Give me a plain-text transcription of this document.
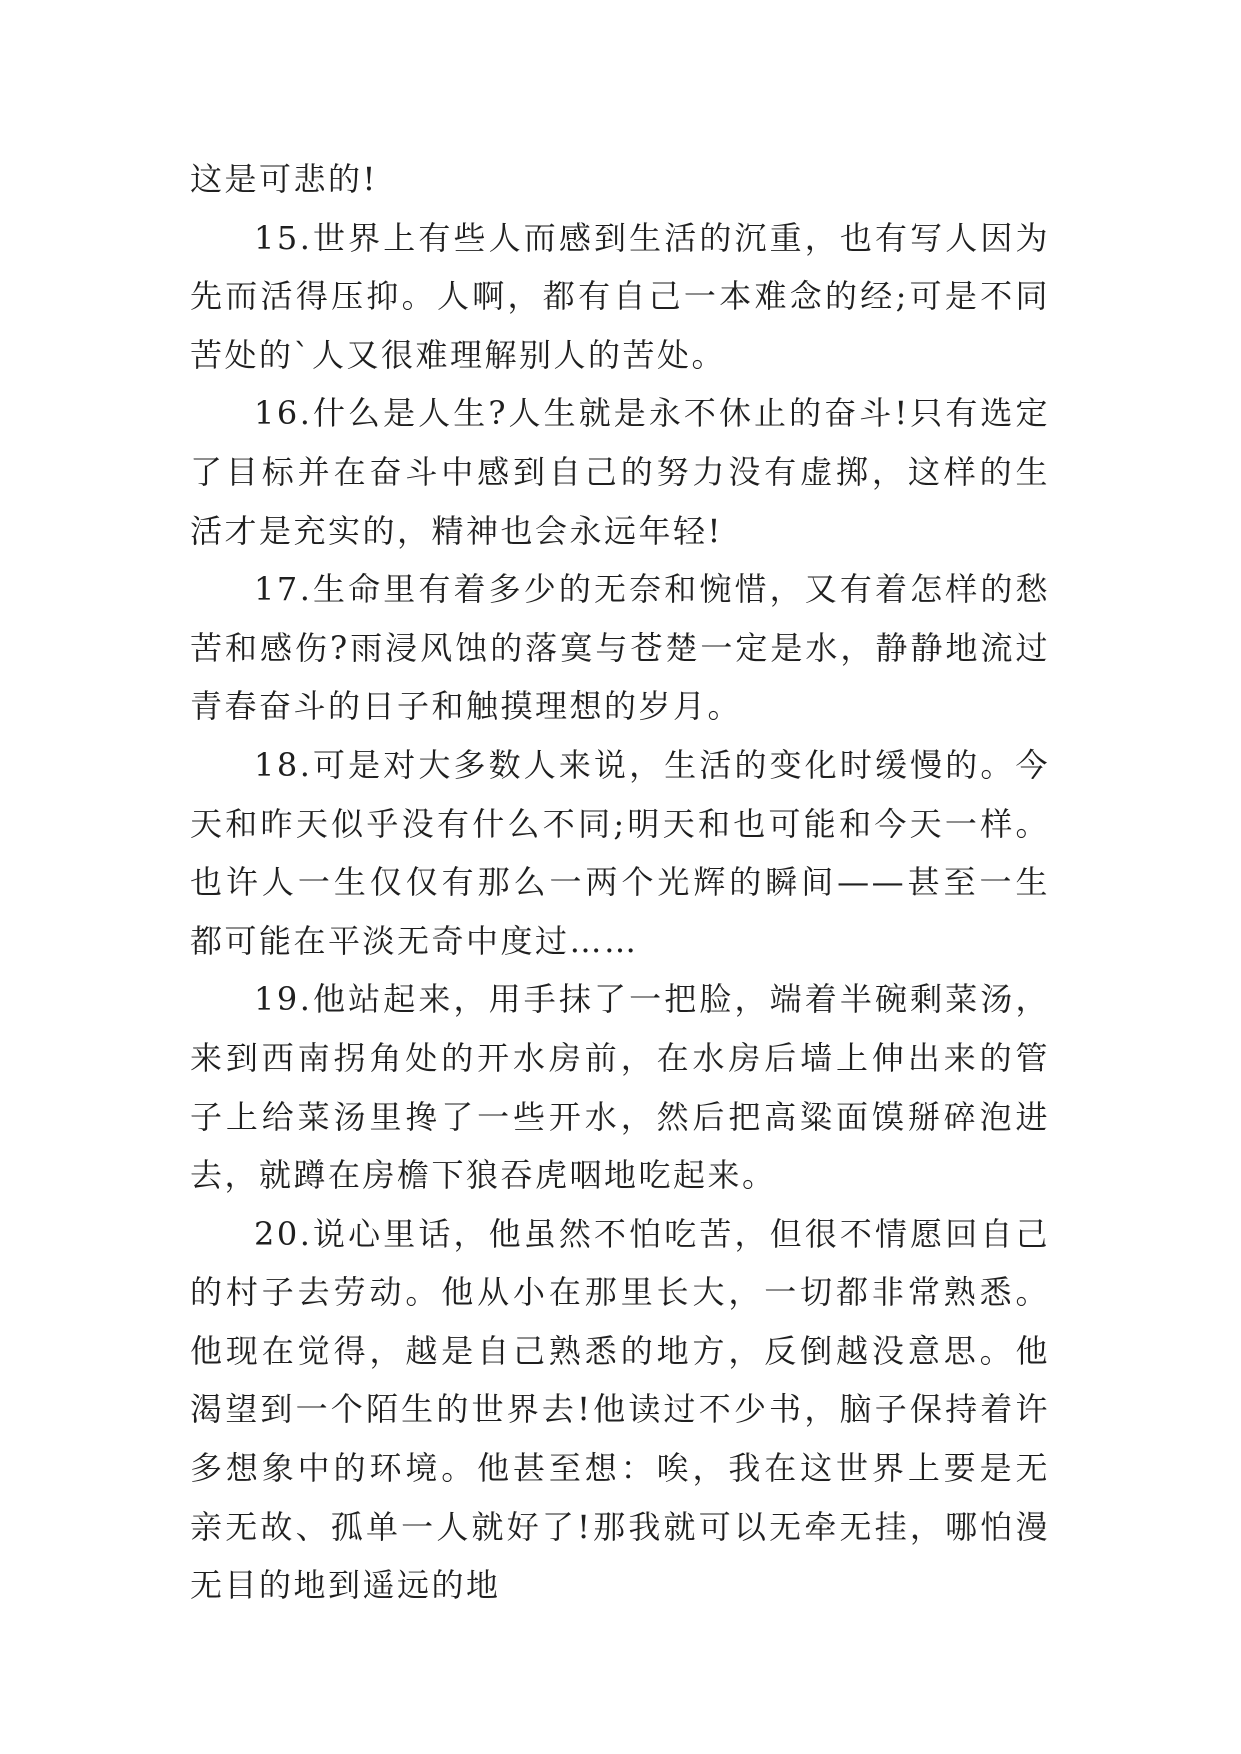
这是可悲的!

15.世界上有些人而感到生活的沉重，也有写人因为先而活得压抑。人啊，都有自己一本难念的经;可是不同苦处的`人又很难理解别人的苦处。

16.什么是人生?人生就是永不休止的奋斗!只有选定了目标并在奋斗中感到自己的努力没有虚掷，这样的生活才是充实的，精神也会永远年轻!

17.生命里有着多少的无奈和惋惜，又有着怎样的愁苦和感伤?雨浸风蚀的落寞与苍楚一定是水，静静地流过青春奋斗的日子和触摸理想的岁月。

18.可是对大多数人来说，生活的变化时缓慢的。今天和昨天似乎没有什么不同;明天和也可能和今天一样。也许人一生仅仅有那么一两个光辉的瞬间——甚至一生都可能在平淡无奇中度过……

19.他站起来，用手抹了一把脸，端着半碗剩菜汤，来到西南拐角处的开水房前，在水房后墙上伸出来的管子上给菜汤里搀了一些开水，然后把高粱面馍掰碎泡进去，就蹲在房檐下狼吞虎咽地吃起来。

20.说心里话，他虽然不怕吃苦，但很不情愿回自己的村子去劳动。他从小在那里长大，一切都非常熟悉。他现在觉得，越是自己熟悉的地方，反倒越没意思。他渴望到一个陌生的世界去!他读过不少书，脑子保持着许多想象中的环境。他甚至想：唉，我在这世界上要是无亲无故、孤单一人就好了!那我就可以无牵无挂，哪怕漫无目的地到遥远的地
